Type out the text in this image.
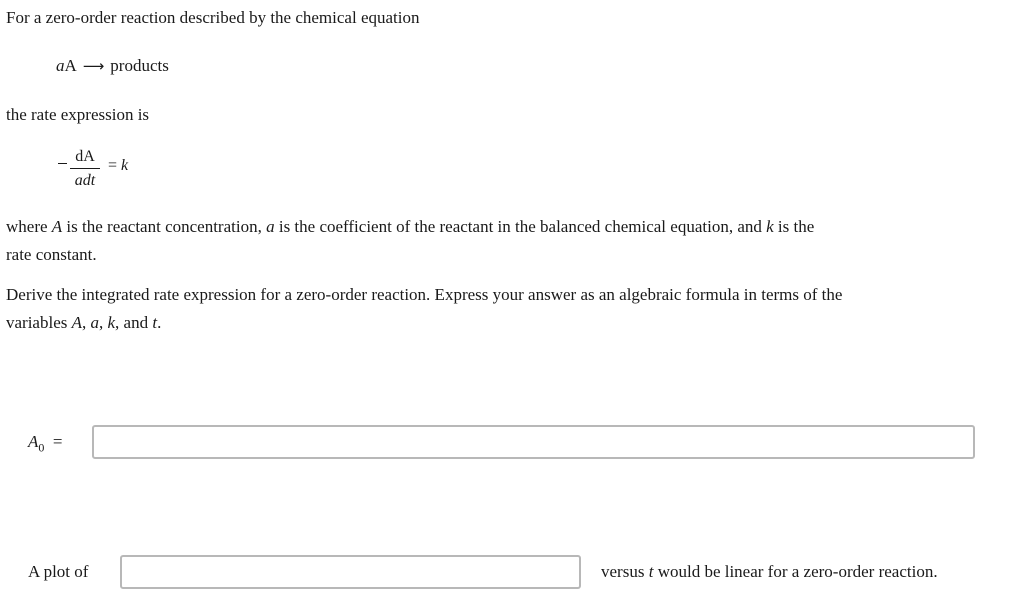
For a zero-order reaction described by the chemical equation
aA ⟶ products
the rate expression is
dA
adt
= k
where A is the reactant concentration, a is the coefficient of the reactant in the balanced chemical equation, and k is the
rate constant.
Derive the integrated rate expression for a zero-order reaction. Express your answer as an algebraic formula in terms of the
variables A, a, k, and t.
$A_0$ =
A plot of	versus t would be linear for a zero-order reaction.
